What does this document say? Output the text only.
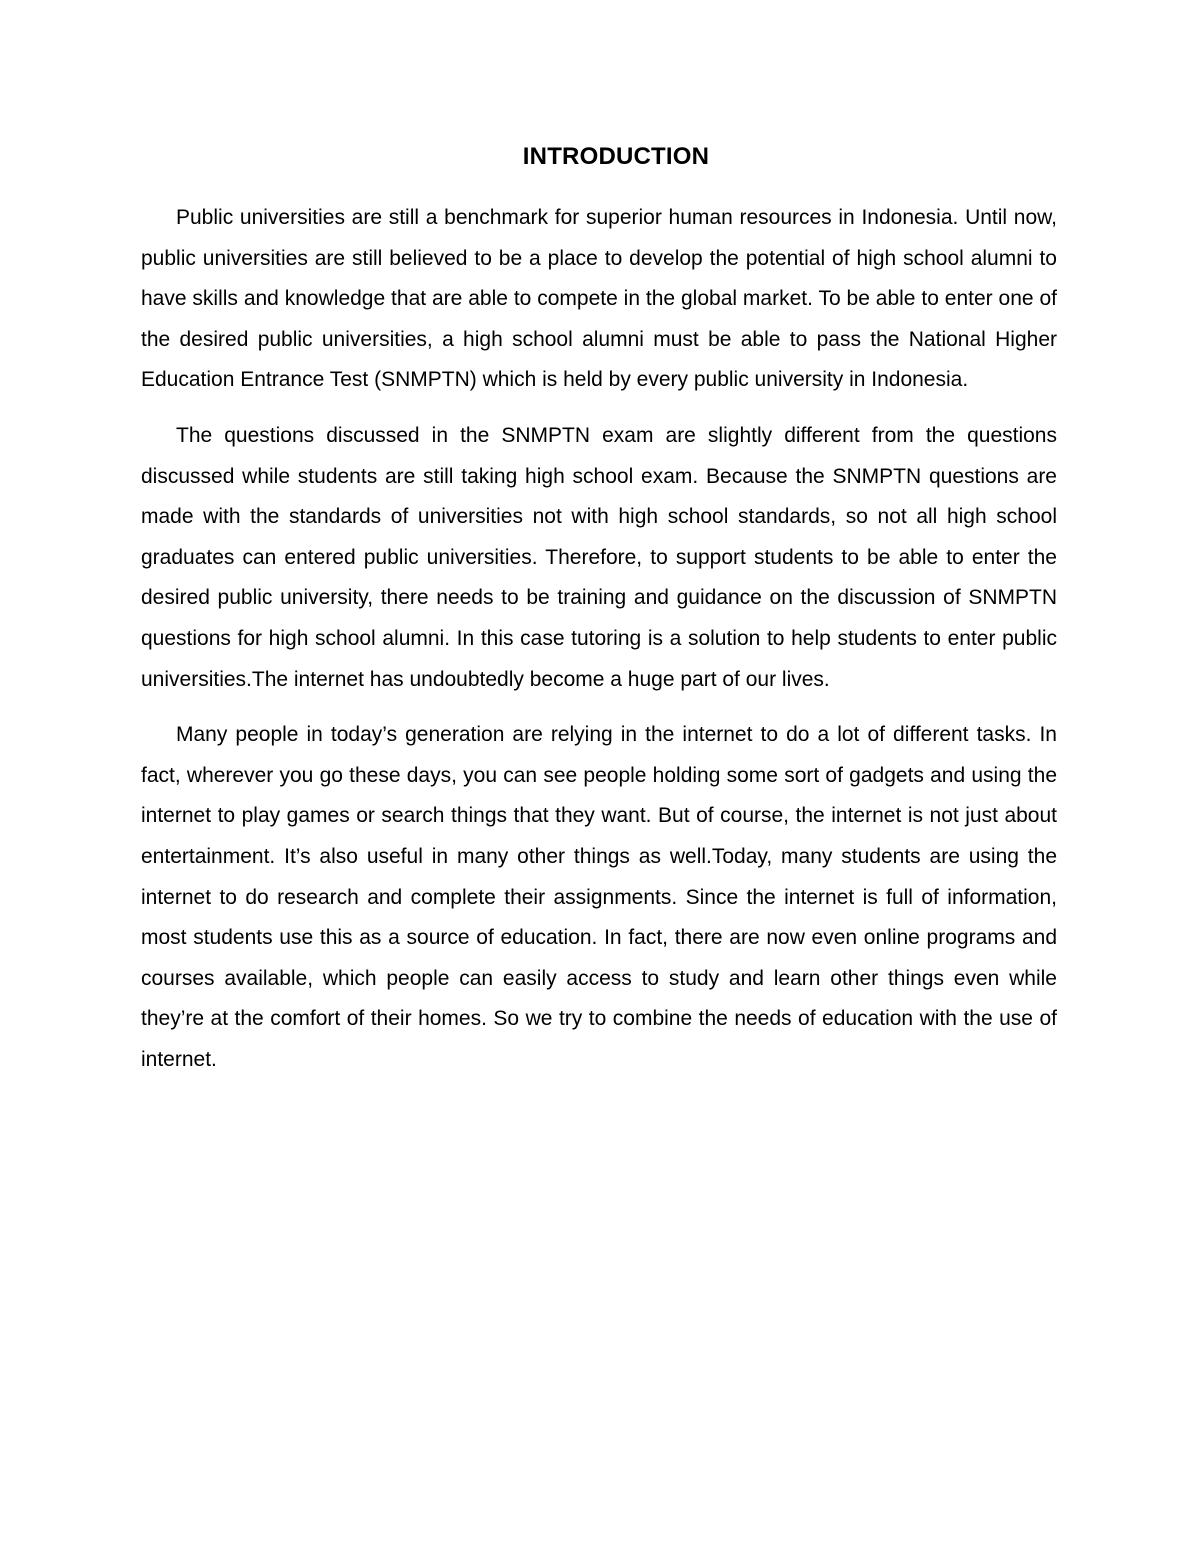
INTRODUCTION

Public universities are still a benchmark for superior human resources in Indonesia. Until now, public universities are still believed to be a place to develop the potential of high school alumni to have skills and knowledge that are able to compete in the global market. To be able to enter one of the desired public universities, a high school alumni must be able to pass the National Higher Education Entrance Test (SNMPTN) which is held by every public university in Indonesia.

The questions discussed in the SNMPTN exam are slightly different from the questions discussed while students are still taking high school exam. Because the SNMPTN questions are made with the standards of universities not with high school standards, so not all high school graduates can entered public universities. Therefore, to support students to be able to enter the desired public university, there needs to be training and guidance on the discussion of SNMPTN questions for high school alumni. In this case tutoring is a solution to help students to enter public universities.The internet has undoubtedly become a huge part of our lives.

Many people in today’s generation are relying in the internet to do a lot of different tasks. In fact, wherever you go these days, you can see people holding some sort of gadgets and using the internet to play games or search things that they want. But of course, the internet is not just about entertainment. It’s also useful in many other things as well.Today, many students are using the internet to do research and complete their assignments. Since the internet is full of information, most students use this as a source of education. In fact, there are now even online programs and courses available, which people can easily access to study and learn other things even while they’re at the comfort of their homes. So we try to combine the needs of education with the use of internet.
